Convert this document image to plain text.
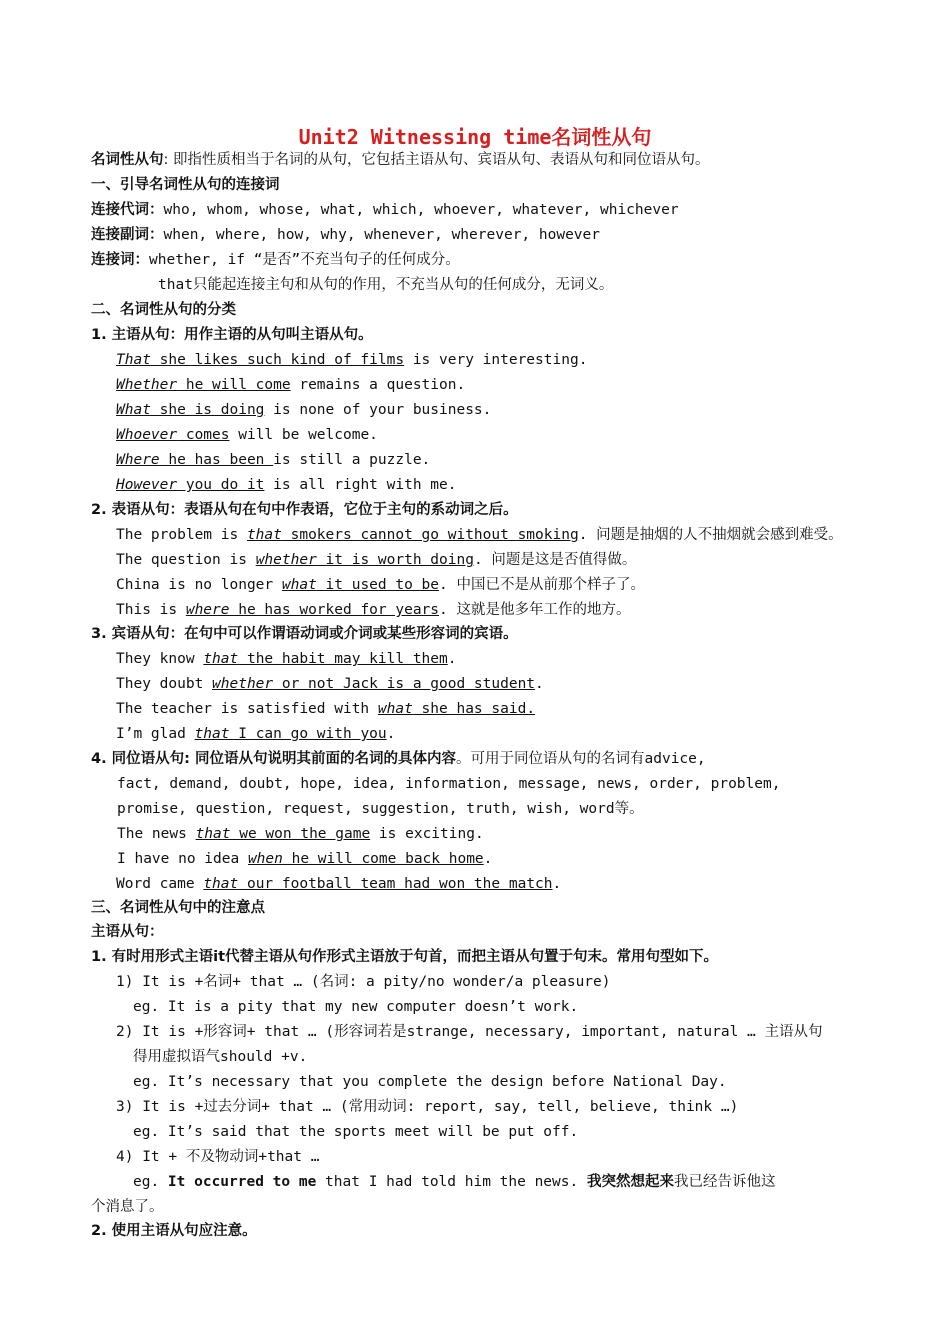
Unit2 Witnessing time名词性从句
名词性从句: 即指性质相当于名词的从句，它包括主语从句、宾语从句、表语从句和同位语从句。
一、引导名词性从句的连接词
连接代词：who, whom, whose, what, which, whoever, whatever, whichever
连接副词：when, where, how, why, whenever, wherever, however
连接词：whether, if “是否”不充当句子的任何成分。
that只能起连接主句和从句的作用，不充当从句的任何成分，无词义。
二、名词性从句的分类
1. 主语从句：用作主语的从句叫主语从句。
That she likes such kind of films is very interesting.
Whether he will come remains a question.
What she is doing is none of your business.
Whoever comes will be welcome.
Where he has been is still a puzzle.
However you do it is all right with me.
2. 表语从句：表语从句在句中作表语，它位于主句的系动词之后。
The problem is that smokers cannot go without smoking. 问题是抽烟的人不抽烟就会感到难受。
The question is whether it is worth doing. 问题是这是否值得做。
China is no longer what it used to be. 中国已不是从前那个样子了。
This is where he has worked for years. 这就是他多年工作的地方。
3. 宾语从句：在句中可以作谓语动词或介词或某些形容词的宾语。
They know that the habit may kill them.
They doubt whether or not Jack is a good student.
The teacher is satisfied with what she has said.
I’m glad that I can go with you.
4. 同位语从句: 同位语从句说明其前面的名词的具体内容。可用于同位语从句的名词有advice,
fact, demand, doubt, hope, idea, information, message, news, order, problem,
promise, question, request, suggestion, truth, wish, word等。
The news that we won the game is exciting.
I have no idea when he will come back home.
Word came that our football team had won the match.
三、名词性从句中的注意点
主语从句：
1. 有时用形式主语it代替主语从句作形式主语放于句首，而把主语从句置于句末。常用句型如下。
1) It is +名词+ that … (名词: a pity/no wonder/a pleasure)
eg. It is a pity that my new computer doesn’t work.
2) It is +形容词+ that … (形容词若是strange, necessary, important, natural … 主语从句
得用虚拟语气should +v.
eg. It’s necessary that you complete the design before National Day.
3) It is +过去分词+ that … (常用动词: report, say, tell, believe, think …)
eg. It’s said that the sports meet will be put off.
4) It + 不及物动词+that …
eg. It occurred to me that I had told him the news. 我突然想起来我已经告诉他这
个消息了。
2. 使用主语从句应注意。
